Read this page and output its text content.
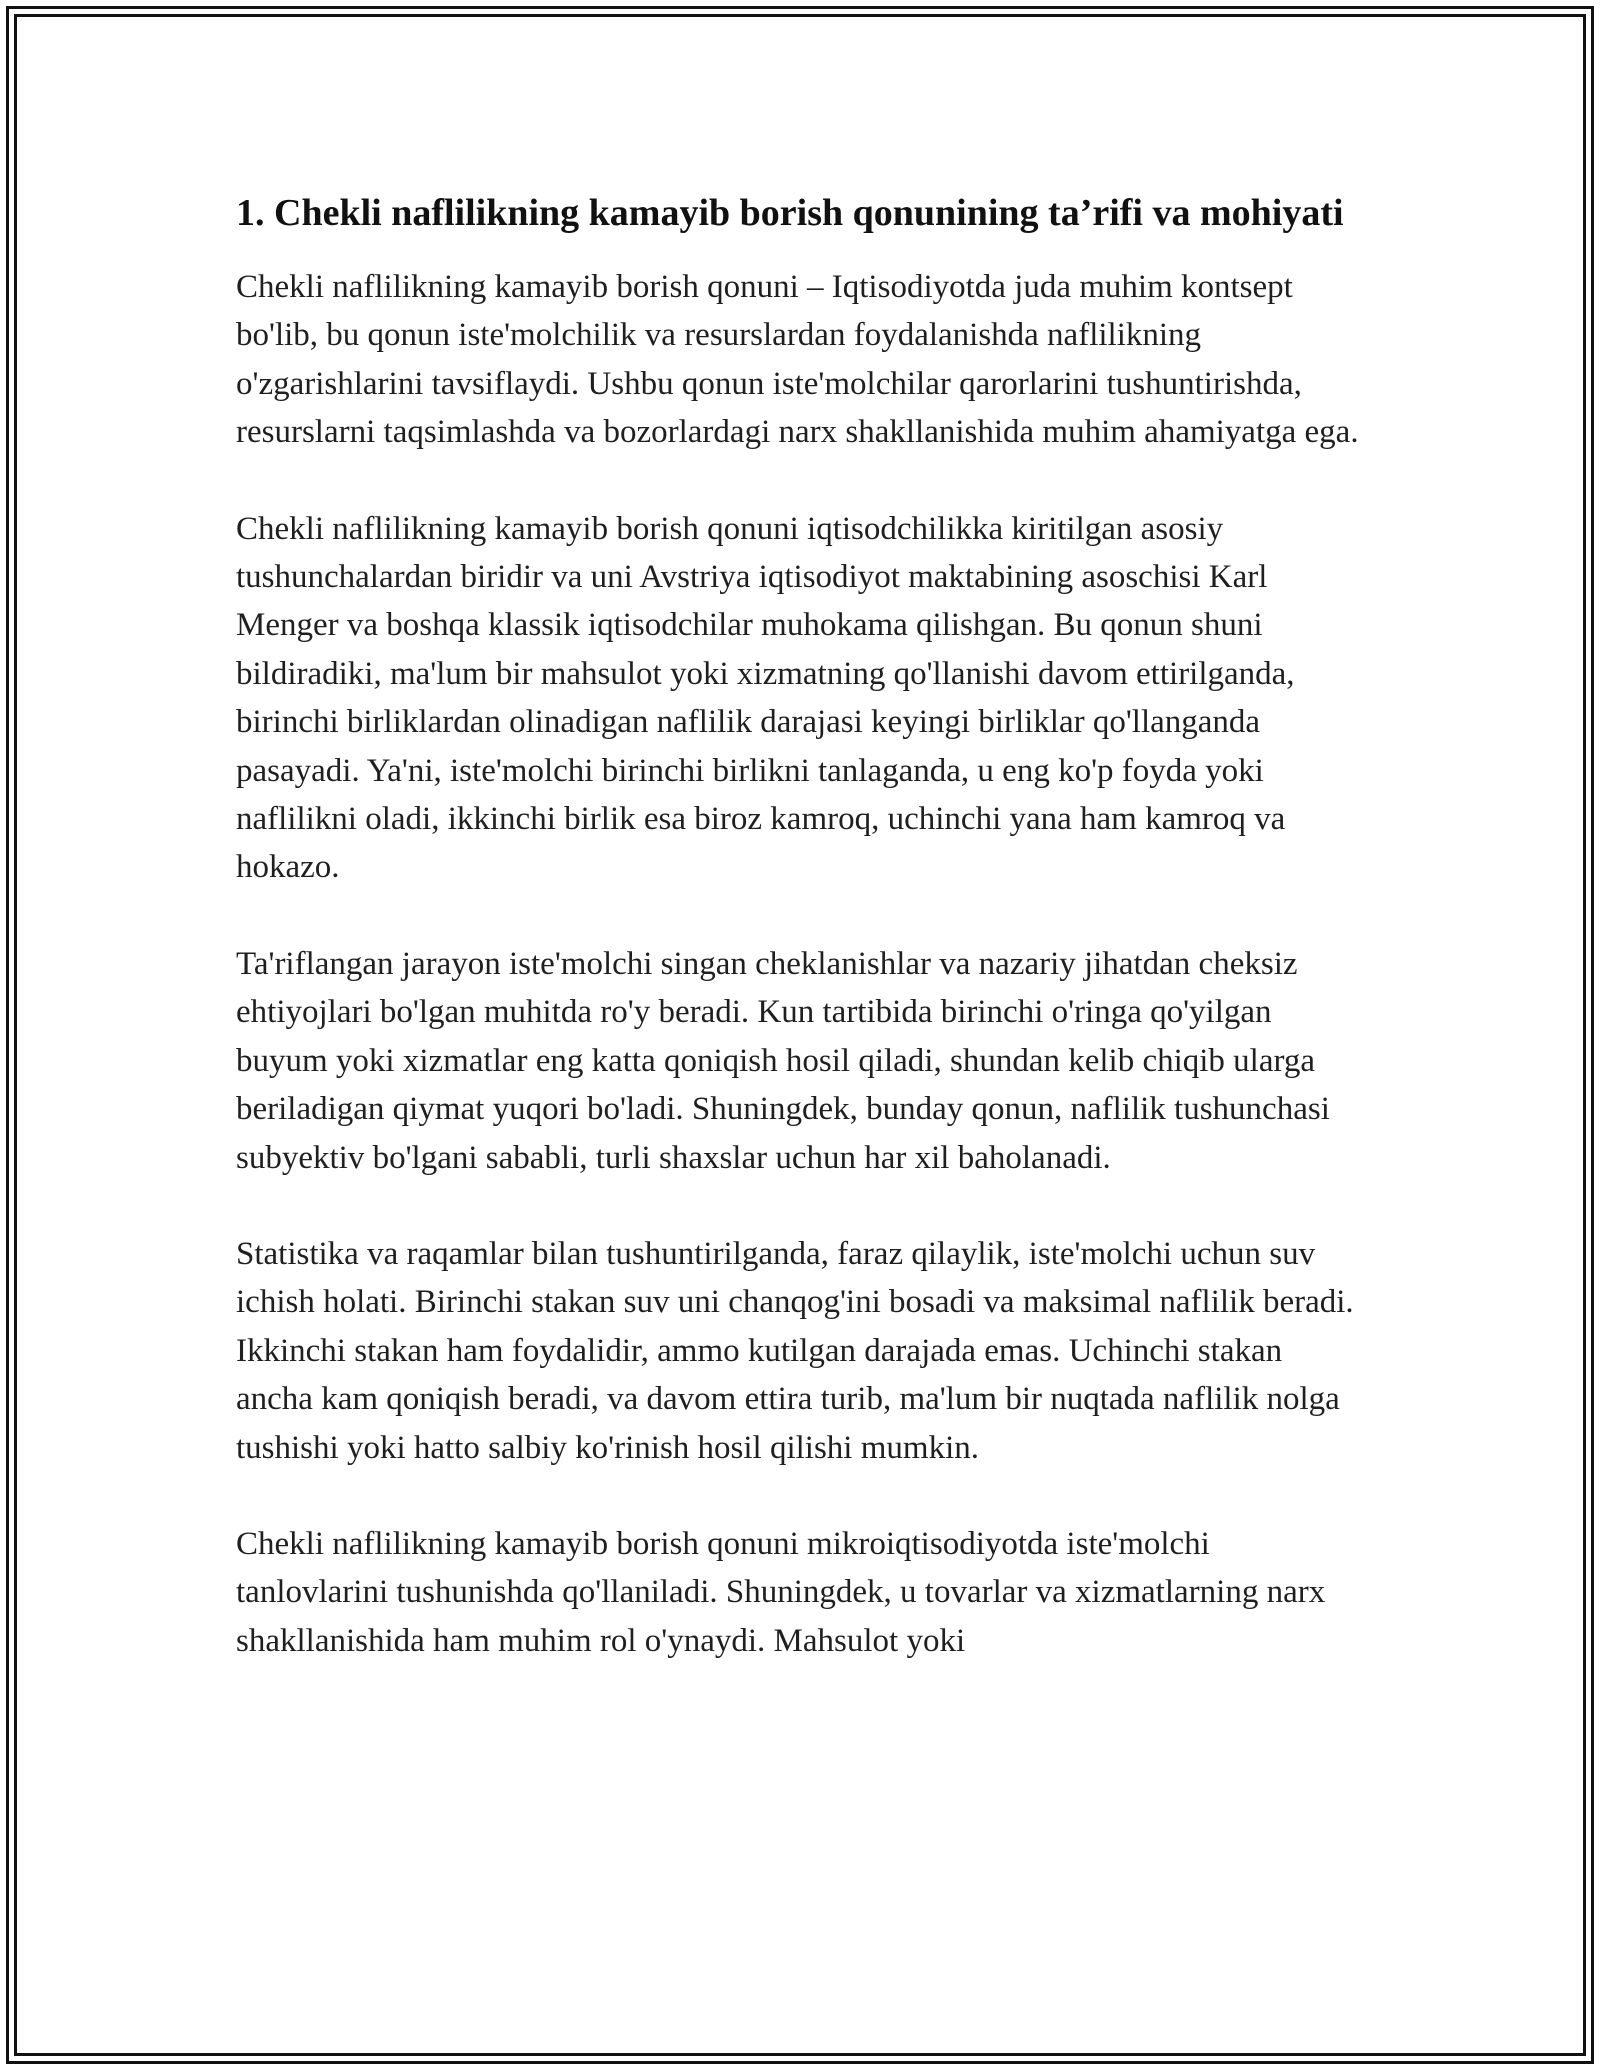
1. Chekli naflilikning kamayib borish qonunining ta’rifi va mohiyati

Chekli naflilikning kamayib borish qonuni – Iqtisodiyotda juda muhim kontsept bo'lib, bu qonun iste'molchilik va resurslardan foydalanishda naflilikning o'zgarishlarini tavsiflaydi. Ushbu qonun iste'molchilar qarorlarini tushuntirishda, resurslarni taqsimlashda va bozorlardagi narx shakllanishida muhim ahamiyatga ega.

Chekli naflilikning kamayib borish qonuni iqtisodchilikka kiritilgan asosiy tushunchalardan biridir va uni Avstriya iqtisodiyot maktabining asoschisi Karl Menger va boshqa klassik iqtisodchilar muhokama qilishgan. Bu qonun shuni bildiradiki, ma'lum bir mahsulot yoki xizmatning qo'llanishi davom ettirilganda, birinchi birliklardan olinadigan naflilik darajasi keyingi birliklar qo'llanganda pasayadi. Ya'ni, iste'molchi birinchi birlikni tanlaganda, u eng ko'p foyda yoki naflilikni oladi, ikkinchi birlik esa biroz kamroq, uchinchi yana ham kamroq va hokazo.

Ta'riflangan jarayon iste'molchi singan cheklanishlar va nazariy jihatdan cheksiz ehtiyojlari bo'lgan muhitda ro'y beradi. Kun tartibida birinchi o'ringa qo'yilgan buyum yoki xizmatlar eng katta qoniqish hosil qiladi, shundan kelib chiqib ularga beriladigan qiymat yuqori bo'ladi. Shuningdek, bunday qonun, naflilik tushunchasi subyektiv bo'lgani sababli, turli shaxslar uchun har xil baholanadi.

Statistika va raqamlar bilan tushuntirilganda, faraz qilaylik, iste'molchi uchun suv ichish holati. Birinchi stakan suv uni chanqog'ini bosadi va maksimal naflilik beradi. Ikkinchi stakan ham foydalidir, ammo kutilgan darajada emas. Uchinchi stakan ancha kam qoniqish beradi, va davom ettira turib, ma'lum bir nuqtada naflilik nolga tushishi yoki hatto salbiy ko'rinish hosil qilishi mumkin.

Chekli naflilikning kamayib borish qonuni mikroiqtisodiyotda iste'molchi tanlovlarini tushunishda qo'llaniladi. Shuningdek, u tovarlar va xizmatlarning narx shakllanishida ham muhim rol o'ynaydi. Mahsulot yoki
